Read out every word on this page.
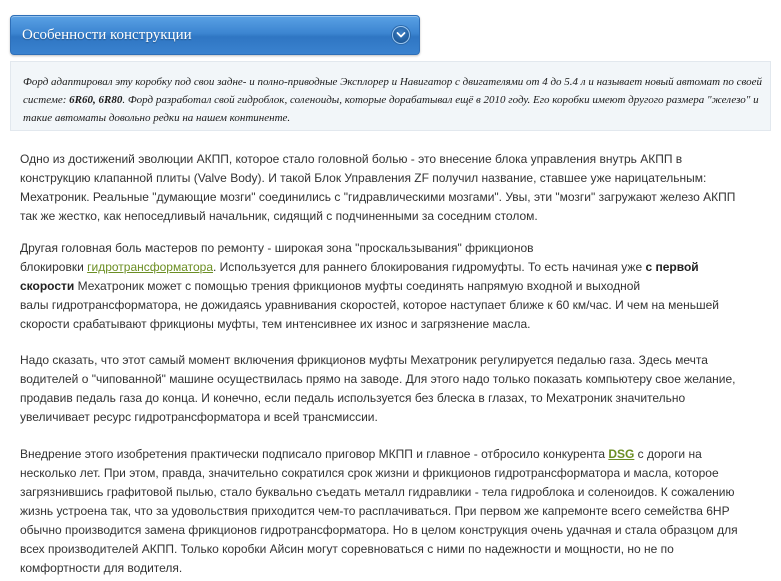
Особенности конструкции

Форд адаптировал эту коробку под свои задне- и полно-приводные Эксплорер и Навигатор с двигателями от 4 до 5.4 л и называет новый автомат по своей системе: 6R60, 6R80. Форд разработал свой гидроблок, соленоиды, которые дорабатывал ещё в 2010 году. Его коробки имеют другого размера "железо" и такие автоматы довольно редки на нашем континенте.

Одно из достижений эволюции АКПП, которое стало головной болью - это внесение блока управления внутрь АКПП в
конструкцию клапанной плиты (Valve Body). И такой Блок Управления ZF получил название, ставшее уже нарицательным:
Мехатроник. Реальные "думающие мозги" соединились с "гидравлическими мозгами". Увы, эти "мозги" загружают железо АКПП
так же жестко, как непоседливый начальник, сидящий с подчиненными за соседним столом.

Другая головная боль мастеров по ремонту - широкая зона "проскальзывания" фрикционов
блокировки гидротрансформатора. Используется для раннего блокирования гидромуфты. То есть начиная уже с первой
скорости Мехатроник может с помощью трения фрикционов муфты соединять напрямую входной и выходной
валы гидротрансформатора, не дожидаясь уравнивания скоростей, которое наступает ближе к 60 км/час. И чем на меньшей
скорости срабатывают фрикционы муфты, тем интенсивнее их износ и загрязнение масла.

Надо сказать, что этот самый момент включения фрикционов муфты Мехатроник регулируется педалью газа. Здесь мечта
водителей о "чипованной" машине осуществилась прямо на заводе. Для этого надо только показать компьютеру свое желание,
продавив педаль газа до конца. И конечно, если педаль используется без блеска в глазах, то Мехатроник значительно
увеличивает ресурс гидротрансформатора и всей трансмиссии.

Внедрение этого изобретения практически подписало приговор МКПП и главное - отбросило конкурента DSG с дороги на
несколько лет. При этом, правда, значительно сократился срок жизни и фрикционов гидротрансформатора и масла, которое
загрязнившись графитовой пылью, стало буквально съедать металл гидравлики - тела гидроблока и соленоидов. К сожалению
жизнь устроена так, что за удовольствия приходится чем-то расплачиваться. При первом же капремонте всего семейства 6HP
обычно производится замена фрикционов гидротрансформатора. Но в целом конструкция очень удачная и стала образцом для
всех производителей АКПП. Только коробки Айсин могут соревноваться с ними по надежности и мощности, но не по
комфортности для водителя.
